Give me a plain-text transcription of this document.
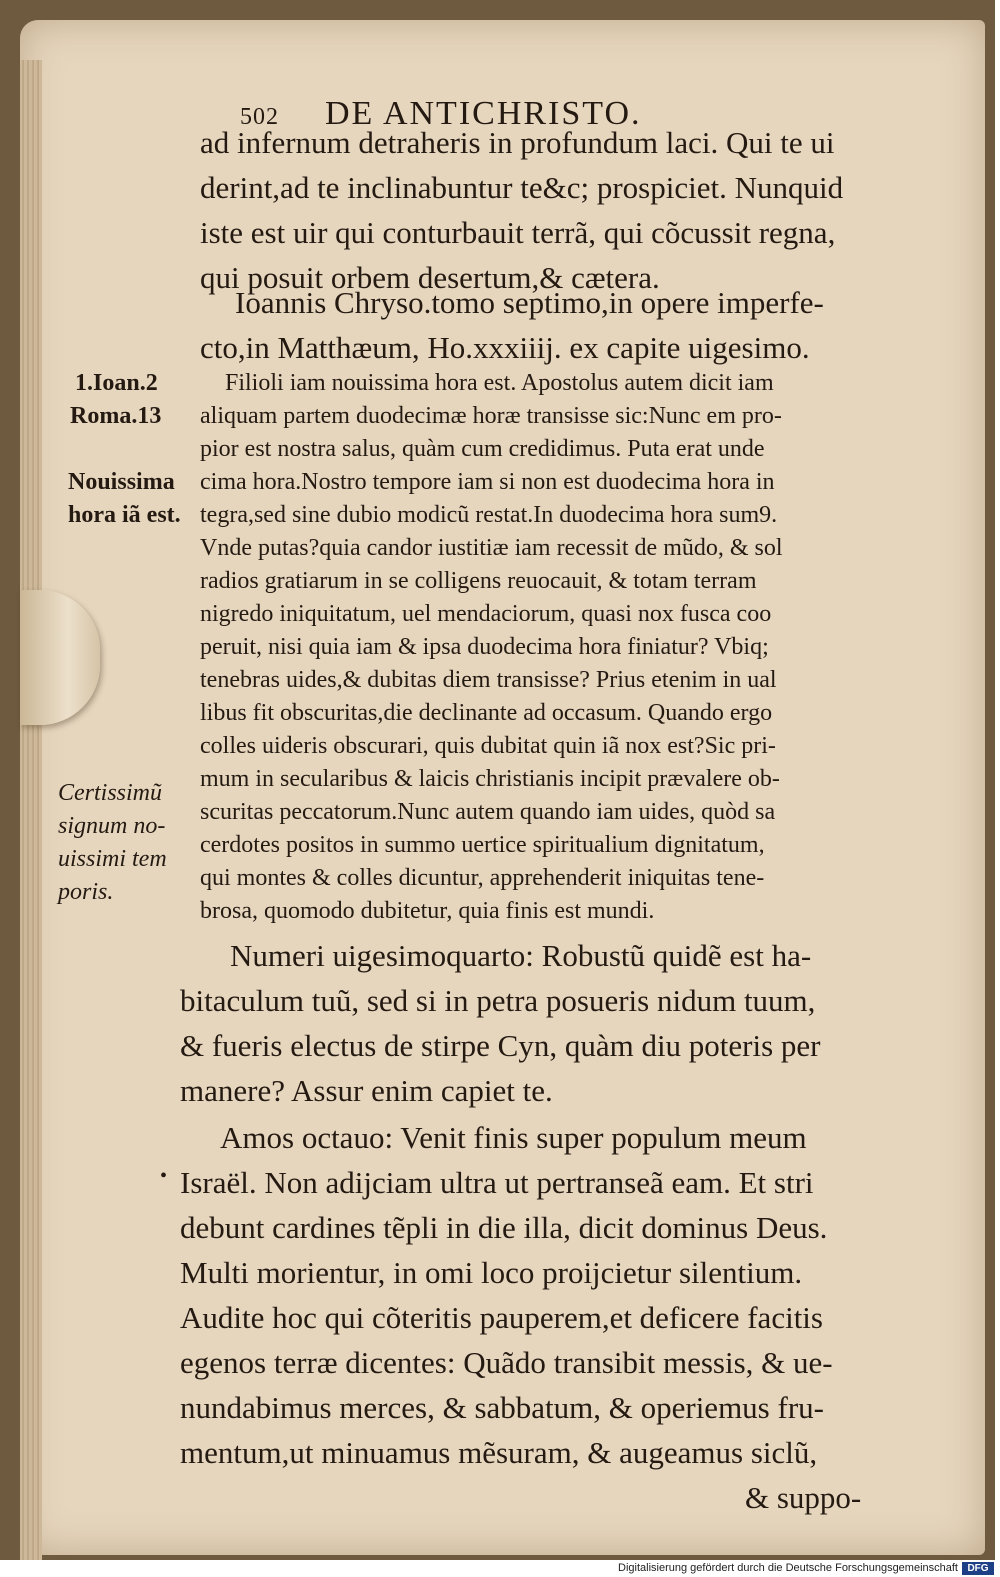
502	DE ANTICHRISTO.

ad infernum detraheris in profundum laci. Qui te ui

derint,ad te inclinabuntur te&c; prospiciet. Nunquid

iste est uir qui conturbauit terrã, qui cõcussit regna,

qui posuit orbem desertum,& cætera.

Ioannis Chryso.tomo septimo,in opere imperfe-

cto,in Matthæum, Ho.xxxiiij. ex capite uigesimo.

Filioli iam nouissima hora est. Apostolus autem dicit iam

aliquam partem duodecimæ horæ transisse sic:Nunc em pro-

pior est nostra salus, quàm cum credidimus. Puta erat unde

cima hora.Nostro tempore iam si non est duodecima hora in

tegra,sed sine dubio modicũ restat.In duodecima hora sum9.

Vnde putas?quia candor iustitiæ iam recessit de mũdo, & sol

radios gratiarum in se colligens reuocauit, & totam terram

nigredo iniquitatum, uel mendaciorum, quasi nox fusca coo

peruit, nisi quia iam & ipsa duodecima hora finiatur? Vbiq;

tenebras uides,& dubitas diem transisse? Prius etenim in ual

libus fit obscuritas,die declinante ad occasum. Quando ergo

colles uideris obscurari, quis dubitat quin iã nox est?Sic pri-

mum in secularibus & laicis christianis incipit prævalere ob-

scuritas peccatorum.Nunc autem quando iam uides, quòd sa

cerdotes positos in summo uertice spiritualium dignitatum,

qui montes & colles dicuntur, apprehenderit iniquitas tene-

brosa, quomodo dubitetur, quia finis est mundi.

Numeri uigesimoquarto: Robustũ quidẽ est ha-

bitaculum tuũ, sed si in petra posueris nidum tuum,

& fueris electus de stirpe Cyn, quàm diu poteris per

manere? Assur enim capiet te.

Amos octauo: Venit finis super populum meum

Israël. Non adijciam ultra ut pertranseã eam. Et stri

debunt cardines tẽpli in die illa, dicit dominus Deus.

Multi morientur, in omi loco proijcietur silentium.

Audite hoc qui cõteritis pauperem,et deficere facitis

egenos terræ dicentes: Quãdo transibit messis, & ue-

nundabimus merces, & sabbatum, & operiemus fru-

mentum,ut minuamus mẽsuram, & augeamus siclũ,

& suppo-

1.Ioan.2

Roma.13

Nouissima

hora iã est.

Certissimũ

signum no-

uissimi tem

poris.

•
Digitalisierung gefördert durch die Deutsche Forschungsgemeinschaft DFG
